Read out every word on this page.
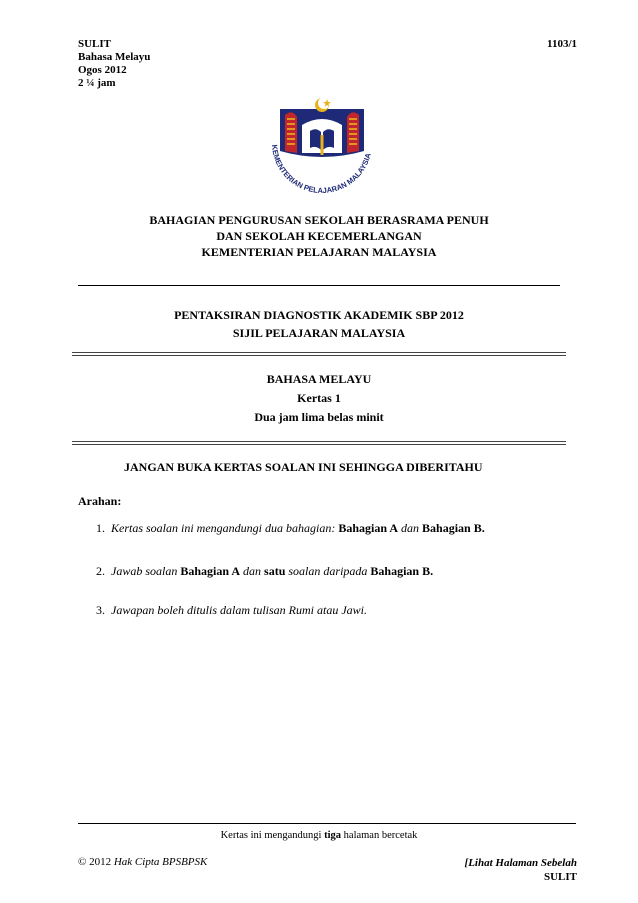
SULIT
Bahasa Melayu
Ogos 2012
2 ¼ jam
1103/1
KEMENTERIAN PELAJARAN MALAYSIA
BAHAGIAN PENGURUSAN SEKOLAH BERASRAMA PENUH
DAN SEKOLAH KECEMERLANGAN
KEMENTERIAN PELAJARAN MALAYSIA
PENTAKSIRAN DIAGNOSTIK AKADEMIK SBP 2012
SIJIL PELAJARAN MALAYSIA
BAHASA MELAYU
Kertas 1
Dua jam lima belas minit
JANGAN BUKA KERTAS SOALAN INI SEHINGGA DIBERITAHU
Arahan:
1. Kertas soalan ini mengandungi dua bahagian: Bahagian A dan Bahagian B.
2. Jawab soalan Bahagian A dan satu soalan daripada Bahagian B.
3. Jawapan boleh ditulis dalam tulisan Rumi atau Jawi.
Kertas ini mengandungi tiga halaman bercetak
© 2012 Hak Cipta BPSBPSK	[Lihat Halaman Sebelah
SULIT
